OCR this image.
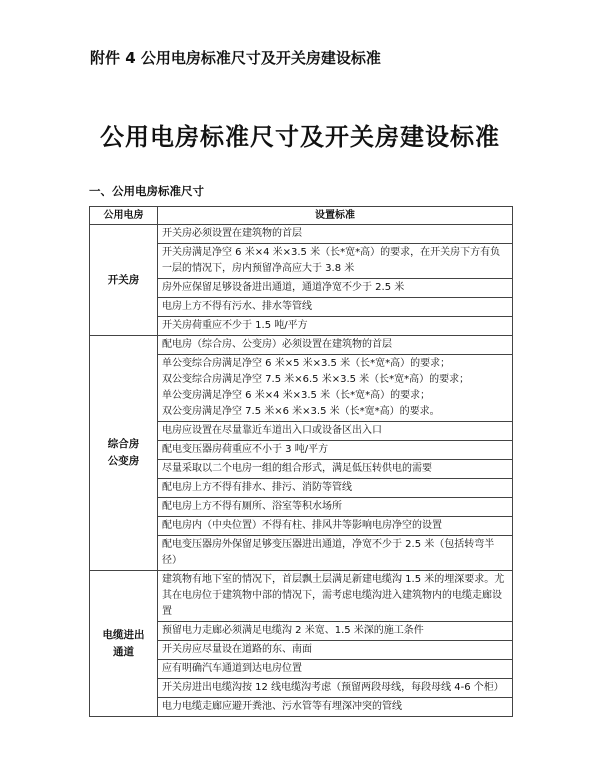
附件 4 公用电房标准尺寸及开关房建设标准
公用电房标准尺寸及开关房建设标准
一、公用电房标准尺寸
公用电房	设置标准
开关房	开关房必须设置在建筑物的首层
	开关房满足净空 6 米×4 米×3.5 米（长*宽*高）的要求，在开关房下方有负一层的情况下，房内预留净高应大于 3.8 米
	房外应保留足够设备进出通道，通道净宽不少于 2.5 米
	电房上方不得有污水、排水等管线
	开关房荷重应不少于 1.5 吨/平方
综合房
公变房	配电房（综合房、公变房）必须设置在建筑物的首层
	单公变综合房满足净空 6 米×5 米×3.5 米（长*宽*高）的要求；
双公变综合房满足净空 7.5 米×6.5 米×3.5 米（长*宽*高）的要求；
单公变房满足净空 6 米×4 米×3.5 米（长*宽*高）的要求；
双公变房满足净空 7.5 米×6 米×3.5 米（长*宽*高）的要求。
	电房应设置在尽量靠近车道出入口或设备区出入口
	配电变压器房荷重应不小于 3 吨/平方
	尽量采取以二个电房一组的组合形式，满足低压转供电的需要
	配电房上方不得有排水、排污、消防等管线
	配电房上方不得有厕所、浴室等积水场所
	配电房内（中央位置）不得有柱、排风井等影响电房净空的设置
	配电变压器房外保留足够变压器进出通道，净宽不少于 2.5 米（包括转弯半径）
电缆进出
通道	建筑物有地下室的情况下，首层飘土层满足新建电缆沟 1.5 米的埋深要求。尤其在电房位于建筑物中部的情况下，需考虑电缆沟进入建筑物内的电缆走廊设置
	预留电力走廊必须满足电缆沟 2 米宽、1.5 米深的施工条件
	开关房应尽量设在道路的东、南面
	应有明确汽车通道到达电房位置
	开关房进出电缆沟按 12 线电缆沟考虑（预留两段母线，每段母线 4-6 个柜）
	电力电缆走廊应避开粪池、污水管等有埋深冲突的管线
